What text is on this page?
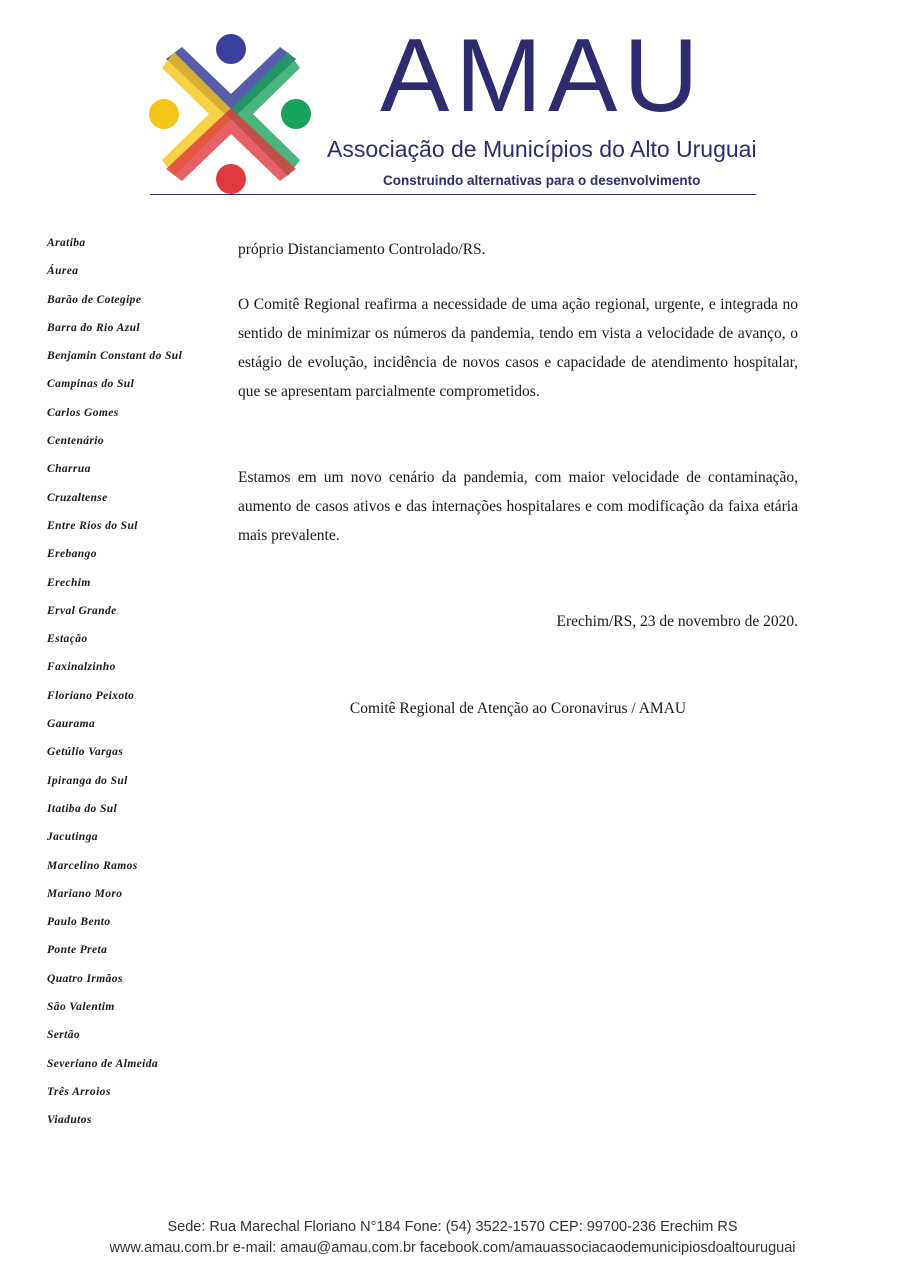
AMAU
Associação de Municípios do Alto Uruguai
Construindo alternativas para o desenvolvimento
Aratiba
Áurea
Barão de Cotegipe
Barra do Rio Azul
Benjamin Constant do Sul
Campinas do Sul
Carlos Gomes
Centenário
Charrua
Cruzaltense
Entre Rios do Sul
Erebango
Erechim
Erval Grande
Estação
Faxinalzinho
Floriano Peixoto
Gaurama
Getúlio Vargas
Ipiranga do Sul
Itatiba do Sul
Jacutinga
Marcelino Ramos
Mariano Moro
Paulo Bento
Ponte Preta
Quatro Irmãos
São Valentim
Sertão
Severiano de Almeida
Três Arroios
Viadutos

próprio Distanciamento Controlado/RS.

O Comitê Regional reafirma a necessidade de uma ação regional, urgente, e integrada no sentido de minimizar os números da pandemia, tendo em vista a velocidade de avanço, o estágio de evolução, incidência de novos casos e capacidade de atendimento hospitalar, que se apresentam parcialmente comprometidos.

Estamos em um novo cenário da pandemia, com maior velocidade de contaminação, aumento de casos ativos e das internações hospitalares e com modificação da faixa etária mais prevalente.

Erechim/RS, 23 de novembro de 2020.
Comitê Regional de Atenção ao Coronavirus / AMAU
Sede: Rua Marechal Floriano N°184 Fone: (54) 3522-1570 CEP: 99700-236 Erechim RS
www.amau.com.br e-mail: amau@amau.com.br facebook.com/amauassociacaodemunicipiosdoaltouruguai
